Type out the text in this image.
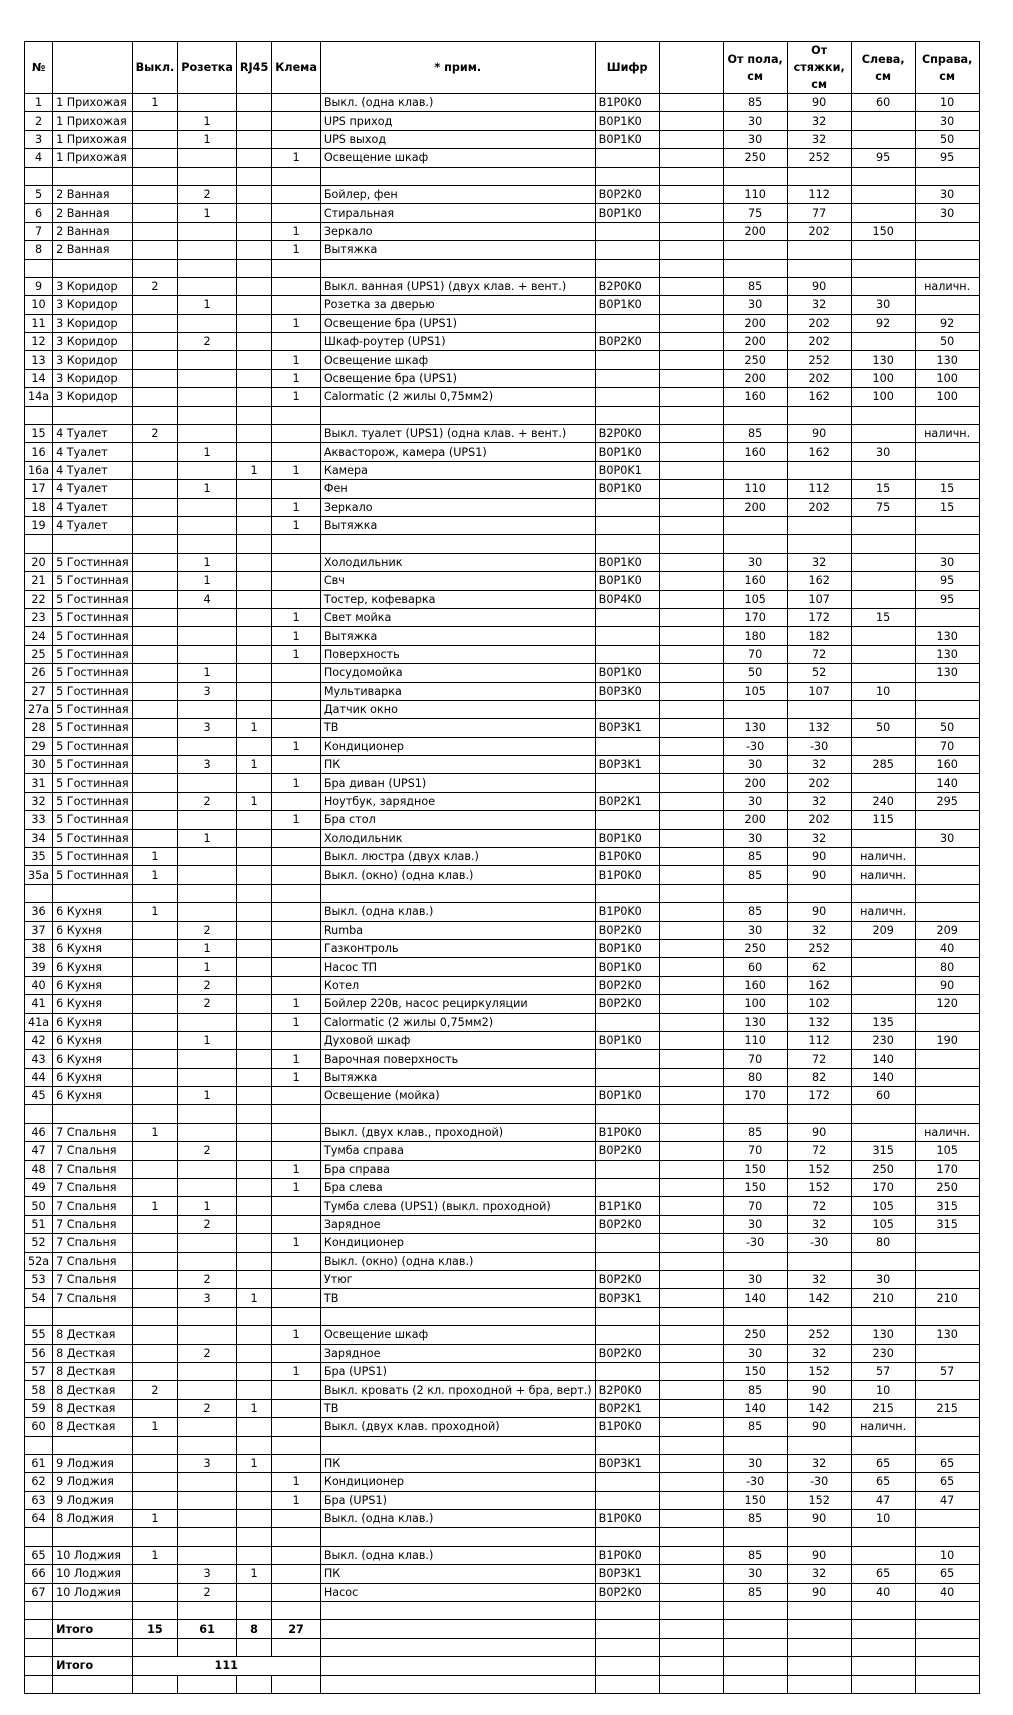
№		Выкл.	Розетка	RJ45	Клема	* прим.	Шифр		От пола, см	От стяжки, см	Слева, см	Справа, см
1	1 Прихожая	1				Выкл. (одна клав.)	B1P0K0		85	90	60	10
2	1 Прихожая		1			UPS приход	B0P1K0		30	32		30
3	1 Прихожая		1			UPS выход	B0P1K0		30	32		50
4	1 Прихожая				1	Освещение шкаф			250	252	95	95

5	2 Ванная		2			Бойлер, фен	B0P2K0		110	112		30
6	2 Ванная		1			Стиральная	B0P1K0		75	77		30
7	2 Ванная				1	Зеркало			200	202	150	
8	2 Ванная				1	Вытяжка						

9	3 Коридор	2				Выкл. ванная (UPS1) (двух клав. + вент.)	B2P0K0		85	90		наличн.
10	3 Коридор		1			Розетка за дверью	B0P1K0		30	32	30	
11	3 Коридор				1	Освещение бра (UPS1)			200	202	92	92
12	3 Коридор		2			Шкаф-роутер (UPS1)	B0P2K0		200	202		50
13	3 Коридор				1	Освещение шкаф			250	252	130	130
14	3 Коридор				1	Освещение бра (UPS1)			200	202	100	100
14a	3 Коридор				1	Calormatic (2 жилы 0,75мм2)			160	162	100	100

15	4 Туалет	2				Выкл. туалет (UPS1) (одна клав. + вент.)	B2P0K0		85	90		наличн.
16	4 Туалет		1			Аквасторож, камера (UPS1)	B0P1K0		160	162	30	
16a	4 Туалет			1	1	Камера	B0P0K1					
17	4 Туалет		1			Фен	B0P1K0		110	112	15	15
18	4 Туалет				1	Зеркало			200	202	75	15
19	4 Туалет				1	Вытяжка						

20	5 Гостинная		1			Холодильник	B0P1K0		30	32		30
21	5 Гостинная		1			Свч	B0P1K0		160	162		95
22	5 Гостинная		4			Тостер, кофеварка	B0P4K0		105	107		95
23	5 Гостинная				1	Свет мойка			170	172	15	
24	5 Гостинная				1	Вытяжка			180	182		130
25	5 Гостинная				1	Поверхность			70	72		130
26	5 Гостинная		1			Посудомойка	B0P1K0		50	52		130
27	5 Гостинная		3			Мультиварка	B0P3K0		105	107	10	
27a	5 Гостинная					Датчик окно						
28	5 Гостинная		3	1		ТВ	B0P3K1		130	132	50	50
29	5 Гостинная				1	Кондиционер			-30	-30		70
30	5 Гостинная		3	1		ПК	B0P3K1		30	32	285	160
31	5 Гостинная				1	Бра диван (UPS1)			200	202		140
32	5 Гостинная		2	1		Ноутбук, зарядное	B0P2K1		30	32	240	295
33	5 Гостинная				1	Бра стол			200	202	115	
34	5 Гостинная		1			Холодильник	B0P1K0		30	32		30
35	5 Гостинная	1				Выкл. люстра (двух клав.)	B1P0K0		85	90	наличн.	
35a	5 Гостинная	1				Выкл. (окно) (одна клав.)	B1P0K0		85	90	наличн.	

36	6 Кухня	1				Выкл. (одна клав.)	B1P0K0		85	90	наличн.	
37	6 Кухня		2			Rumba	B0P2K0		30	32	209	209
38	6 Кухня		1			Газконтроль	B0P1K0		250	252		40
39	6 Кухня		1			Насос ТП	B0P1K0		60	62		80
40	6 Кухня		2			Котел	B0P2K0		160	162		90
41	6 Кухня		2		1	Бойлер 220в, насос рециркуляции	B0P2K0		100	102		120
41a	6 Кухня				1	Calormatic (2 жилы 0,75мм2)			130	132	135	
42	6 Кухня		1			Духовой шкаф	B0P1K0		110	112	230	190
43	6 Кухня				1	Варочная поверхность			70	72	140	
44	6 Кухня				1	Вытяжка			80	82	140	
45	6 Кухня		1			Освещение (мойка)	B0P1K0		170	172	60	

46	7 Спальня	1				Выкл. (двух клав., проходной)	B1P0K0		85	90		наличн.
47	7 Спальня		2			Тумба справа	B0P2K0		70	72	315	105
48	7 Спальня				1	Бра справа			150	152	250	170
49	7 Спальня				1	Бра слева			150	152	170	250
50	7 Спальня	1	1			Тумба слева (UPS1) (выкл. проходной)	B1P1K0		70	72	105	315
51	7 Спальня		2			Зарядное	B0P2K0		30	32	105	315
52	7 Спальня				1	Кондиционер			-30	-30	80	
52a	7 Спальня					Выкл. (окно) (одна клав.)						
53	7 Спальня		2			Утюг	B0P2K0		30	32	30	
54	7 Спальня		3	1		ТВ	B0P3K1		140	142	210	210

55	8 Десткая				1	Освещение шкаф			250	252	130	130
56	8 Десткая		2			Зарядное	B0P2K0		30	32	230	
57	8 Десткая				1	Бра (UPS1)			150	152	57	57
58	8 Десткая	2				Выкл. кровать (2 кл. проходной + бра, верт.)	B2P0K0		85	90	10	
59	8 Десткая		2	1		ТВ	B0P2K1		140	142	215	215
60	8 Десткая	1				Выкл. (двух клав. проходной)	B1P0K0		85	90	наличн.	

61	9 Лоджия		3	1		ПК	B0P3K1		30	32	65	65
62	9 Лоджия				1	Кондиционер			-30	-30	65	65
63	9 Лоджия				1	Бра (UPS1)			150	152	47	47
64	8 Лоджия	1				Выкл. (одна клав.)	B1P0K0		85	90	10	

65	10 Лоджия	1				Выкл. (одна клав.)	B1P0K0		85	90		10
66	10 Лоджия		3	1		ПК	B0P3K1		30	32	65	65
67	10 Лоджия		2			Насос	B0P2K0		85	90	40	40

	Итого	15	61	8	27							

	Итого	111										
